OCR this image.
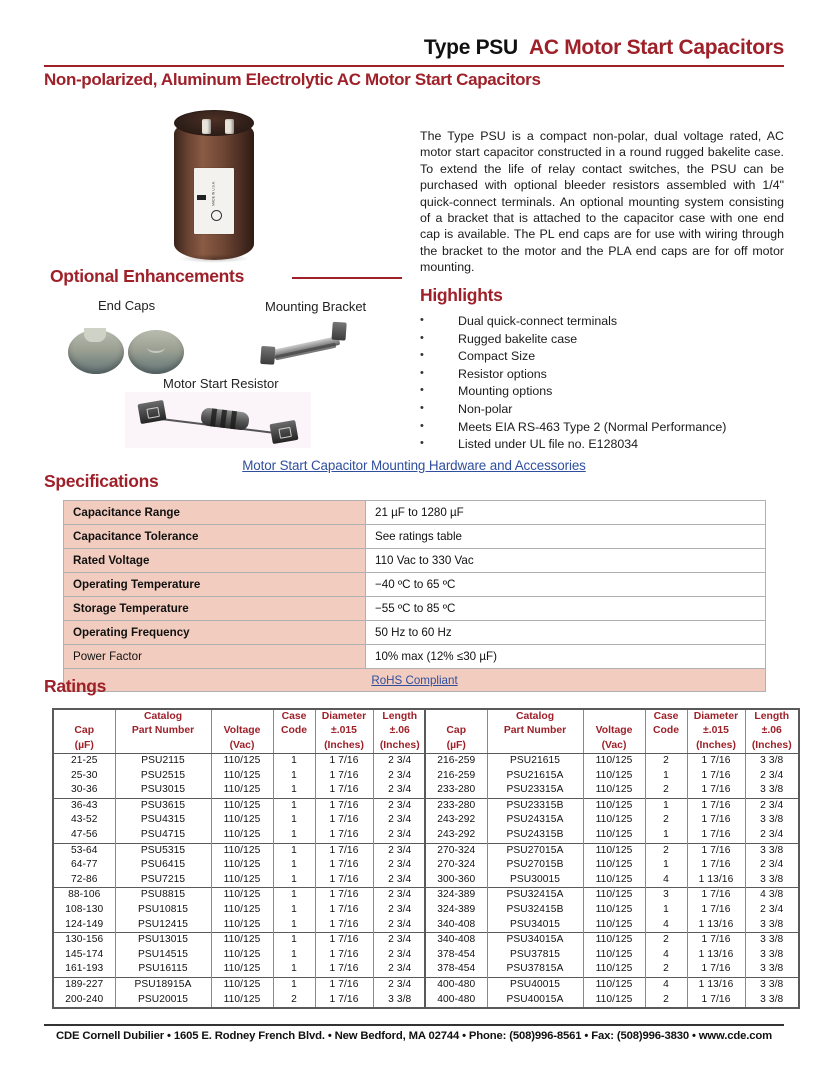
Type PSU AC Motor Start Capacitors
Non-polarized, Aluminum Electrolytic AC Motor Start Capacitors
MADE IN U.S.A.
The Type PSU is a compact non-polar, dual voltage rated, AC motor start capacitor constructed in a round rugged bakelite case. To extend the life of relay contact switches, the PSU can be purchased with optional bleeder resistors assembled with 1/4" quick-connect terminals. An optional mounting system consisting of a bracket that is attached to the capacitor case with one end cap is available. The PL end caps are for use with wiring through the bracket to the motor and the PLA end caps are for off motor mounting.
Optional Enhancements
End Caps	Mounting Bracket
Motor Start Resistor
Highlights
• Dual quick-connect terminals
• Rugged bakelite case
• Compact Size
• Resistor options
• Mounting options
• Non-polar
• Meets EIA RS-463 Type 2 (Normal Performance)
• Listed under UL file no. E128034
Motor Start Capacitor Mounting Hardware and Accessories
Specifications
Capacitance Range	21 µF to 1280 µF
Capacitance Tolerance	See ratings table
Rated Voltage	110 Vac to 330 Vac
Operating Temperature	−40 ºC to 65 ºC
Storage Temperature	−55 ºC to 85 ºC
Operating Frequency	50 Hz to 60 Hz
Power Factor	10% max (12% ≤30 µF)
RoHS Compliant	
Ratings
	Catalog		Case	Diameter	Length
Cap	Part Number	Voltage	Code	±.015	±.06
(µF)		(Vac)		(Inches)	(Inches)
21-25	PSU2115	110/125	1	1 7/16	2 3/4
25-30	PSU2515	110/125	1	1 7/16	2 3/4
30-36	PSU3015	110/125	1	1 7/16	2 3/4
36-43	PSU3615	110/125	1	1 7/16	2 3/4
43-52	PSU4315	110/125	1	1 7/16	2 3/4
47-56	PSU4715	110/125	1	1 7/16	2 3/4
53-64	PSU5315	110/125	1	1 7/16	2 3/4
64-77	PSU6415	110/125	1	1 7/16	2 3/4
72-86	PSU7215	110/125	1	1 7/16	2 3/4
88-106	PSU8815	110/125	1	1 7/16	2 3/4
108-130	PSU10815	110/125	1	1 7/16	2 3/4
124-149	PSU12415	110/125	1	1 7/16	2 3/4
130-156	PSU13015	110/125	1	1 7/16	2 3/4
145-174	PSU14515	110/125	1	1 7/16	2 3/4
161-193	PSU16115	110/125	1	1 7/16	2 3/4
189-227	PSU18915A	110/125	1	1 7/16	2 3/4
200-240	PSU20015	110/125	2	1 7/16	3 3/8
	Catalog		Case	Diameter	Length
Cap	Part Number	Voltage	Code	±.015	±.06
(µF)		(Vac)		(Inches)	(Inches)
216-259	PSU21615	110/125	2	1 7/16	3 3/8
216-259	PSU21615A	110/125	1	1 7/16	2 3/4
233-280	PSU23315A	110/125	2	1 7/16	3 3/8
233-280	PSU23315B	110/125	1	1 7/16	2 3/4
243-292	PSU24315A	110/125	2	1 7/16	3 3/8
243-292	PSU24315B	110/125	1	1 7/16	2 3/4
270-324	PSU27015A	110/125	2	1 7/16	3 3/8
270-324	PSU27015B	110/125	1	1 7/16	2 3/4
300-360	PSU30015	110/125	4	1 13/16	3 3/8
324-389	PSU32415A	110/125	3	1 7/16	4 3/8
324-389	PSU32415B	110/125	1	1 7/16	2 3/4
340-408	PSU34015	110/125	4	1 13/16	3 3/8
340-408	PSU34015A	110/125	2	1 7/16	3 3/8
378-454	PSU37815	110/125	4	1 13/16	3 3/8
378-454	PSU37815A	110/125	2	1 7/16	3 3/8
400-480	PSU40015	110/125	4	1 13/16	3 3/8
400-480	PSU40015A	110/125	2	1 7/16	3 3/8
CDE Cornell Dubilier • 1605 E. Rodney French Blvd. • New Bedford, MA 02744 • Phone: (508)996-8561 • Fax: (508)996-3830 • www.cde.com
